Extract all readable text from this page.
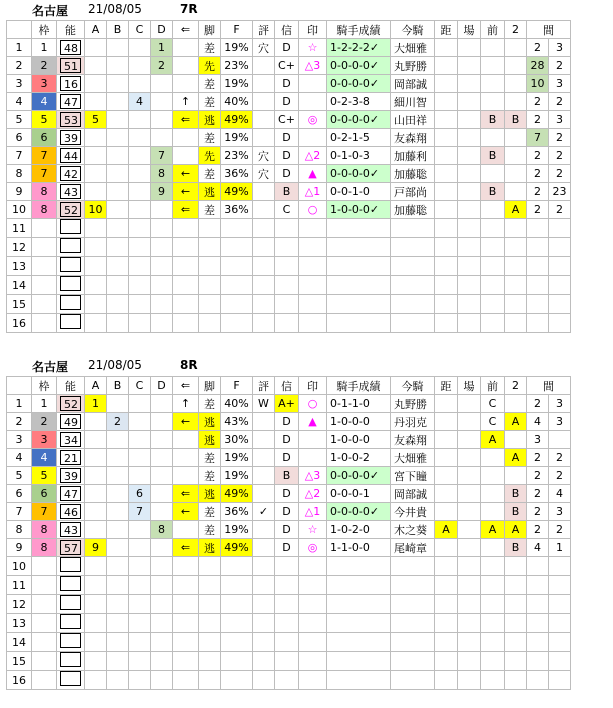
名古屋 21/08/05	7R
	枠	能	A	B	C	D	⇐	脚	F	評	信	印	騎手成績	今騎	距	場	前	2	間	
1	1	48				1		差	19%	穴	D	☆	1-2-2-2✓	大畑雅					2	3
2	2	51				2		先	23%		C+	△3	0-0-0-0✓	丸野勝					28	2
3	3	16						差	19%		D		0-0-0-0✓	岡部誠					10	3
4	4	47			4		↑	差	40%		D		0-2-3-8	細川智					2	2
5	5	53	5				⇐	逃	49%		C+	◎	0-0-0-0✓	山田祥			B	B	2	3
6	6	39						差	19%		D		0-2-1-5	友森翔					7	2
7	7	44				7		先	23%	穴	D	△2	0-1-0-3	加藤利			B		2	2
8	7	42				8	←	差	36%	穴	D	▲	0-0-0-0✓	加藤聡					2	2
9	8	43				9	←	逃	49%		B	△1	0-0-1-0	戸部尚			B		2	23
10	8	52	10				⇐	差	36%		C	○	1-0-0-0✓	加藤聡				A	2	2
11																				
12																				
13																				
14																				
15																				
16																				
名古屋 21/08/05	8R
	枠	能	A	B	C	D	⇐	脚	F	評	信	印	騎手成績	今騎	距	場	前	2	間	
1	1	52	1				↑	差	40%	W	A+	○	0-1-1-0	丸野勝			C		2	3
2	2	49		2			←	逃	43%		D	▲	1-0-0-0	丹羽克			C	A	4	3
3	3	34						逃	30%		D		1-0-0-0	友森翔			A		3	
4	4	21						差	19%		D		1-0-0-2	大畑雅				A	2	2
5	5	39						差	19%		B	△3	0-0-0-0✓	宮下瞳					2	2
6	6	47			6		⇐	逃	49%		D	△2	0-0-0-1	岡部誠				B	2	4
7	7	46			7		←	差	36%	✓	D	△1	0-0-0-0✓	今井貴				B	2	3
8	8	43				8		差	19%		D	☆	1-0-2-0	木之葵	A		A	A	2	2
9	8	57	9				⇐	逃	49%		D	◎	1-1-0-0	尾崎章				B	4	1
10																				
11																				
12																				
13																				
14																				
15																				
16																				
